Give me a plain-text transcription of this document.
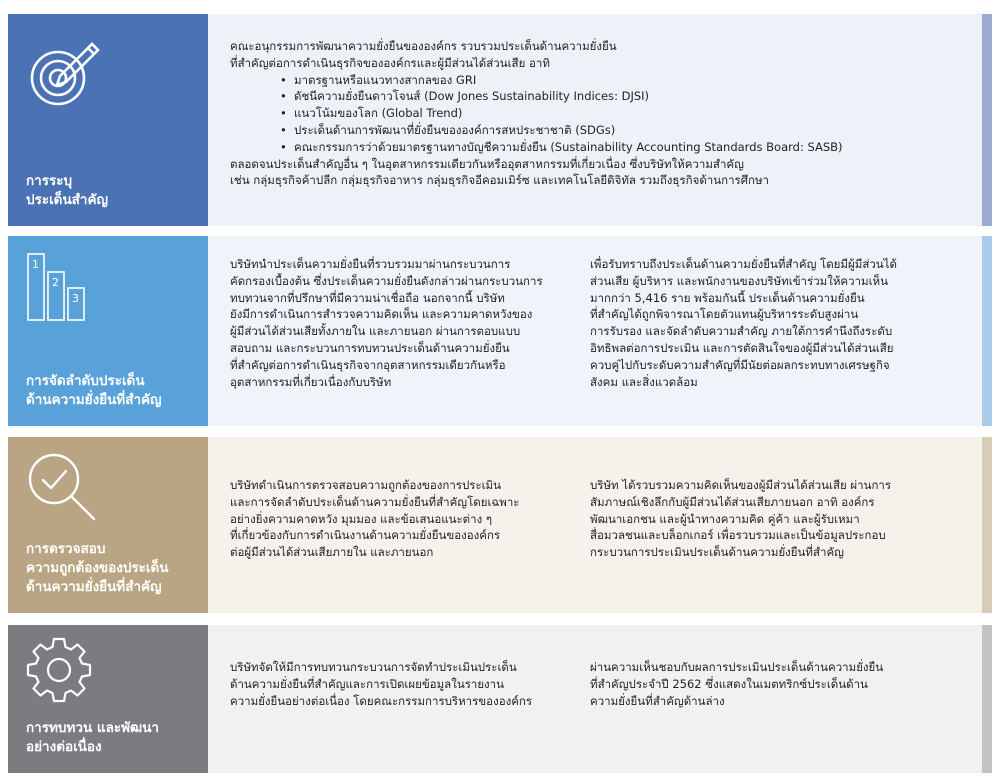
การระบุ
ประเด็นสำคัญ

คณะอนุกรรมการพัฒนาความยั่งยืนขององค์กร รวบรวมประเด็นด้านความยั่งยืน

ที่สำคัญต่อการดำเนินธุรกิจขององค์กรและผู้มีส่วนได้ส่วนเสีย อาทิ

• มาตรฐานหรือแนวทางสากลของ GRI
• ดัชนีความยั่งยืนดาวโจนส์ (Dow Jones Sustainability Indices: DJSI)
• แนวโน้มของโลก (Global Trend)
• ประเด็นด้านการพัฒนาที่ยั่งยืนขององค์การสหประชาชาติ (SDGs)
• คณะกรรมการว่าด้วยมาตรฐานทางบัญชีความยั่งยืน (Sustainability Accounting Standards Board: SASB)

ตลอดจนประเด็นสำคัญอื่น ๆ ในอุตสาหกรรมเดียวกันหรืออุตสาหกรรมที่เกี่ยวเนื่อง ซึ่งบริษัทให้ความสำคัญ

เช่น กลุ่มธุรกิจค้าปลีก กลุ่มธุรกิจอาหาร กลุ่มธุรกิจอีคอมเมิร์ซ และเทคโนโลยีดิจิทัล รวมถึงธุรกิจด้านการศึกษา

1
2
3
การจัดลำดับประเด็น
ด้านความยั่งยืนที่สำคัญ

บริษัทนำประเด็นความยั่งยืนที่รวบรวมมาผ่านกระบวนการ

คัดกรองเบื้องต้น ซึ่งประเด็นความยั่งยืนดังกล่าวผ่านกระบวนการ

ทบทวนจากที่ปรึกษาที่มีความน่าเชื่อถือ นอกจากนี้ บริษัท

ยังมีการดำเนินการสำรวจความคิดเห็น และความคาดหวังของ

ผู้มีส่วนได้ส่วนเสียทั้งภายใน และภายนอก ผ่านการตอบแบบ

สอบถาม และกระบวนการทบทวนประเด็นด้านความยั่งยืน

ที่สำคัญต่อการดำเนินธุรกิจจากอุตสาหกรรมเดียวกันหรือ

อุตสาหกรรมที่เกี่ยวเนื่องกับบริษัท

เพื่อรับทราบถึงประเด็นด้านความยั่งยืนที่สำคัญ โดยมีผู้มีส่วนได้

ส่วนเสีย ผู้บริหาร และพนักงานของบริษัทเข้าร่วมให้ความเห็น

มากกว่า 5,416 ราย พร้อมกันนี้ ประเด็นด้านความยั่งยืน

ที่สำคัญได้ถูกพิจารณาโดยตัวแทนผู้บริหารระดับสูงผ่าน

การรับรอง และจัดลำดับความสำคัญ ภายใต้การคำนึงถึงระดับ

อิทธิพลต่อการประเมิน และการตัดสินใจของผู้มีส่วนได้ส่วนเสีย

ควบคู่ไปกับระดับความสำคัญที่มีนัยต่อผลกระทบทางเศรษฐกิจ

สังคม และสิ่งแวดล้อม

การตรวจสอบ
ความถูกต้องของประเด็น
ด้านความยั่งยืนที่สำคัญ

บริษัทดำเนินการตรวจสอบความถูกต้องของการประเมิน

และการจัดลำดับประเด็นด้านความยั่งยืนที่สำคัญโดยเฉพาะ

อย่างยิ่งความคาดหวัง มุมมอง และข้อเสนอแนะต่าง ๆ

ที่เกี่ยวข้องกับการดำเนินงานด้านความยั่งยืนขององค์กร

ต่อผู้มีส่วนได้ส่วนเสียภายใน และภายนอก

บริษัท ได้รวบรวมความคิดเห็นของผู้มีส่วนได้ส่วนเสีย ผ่านการ

สัมภาษณ์เชิงลึกกับผู้มีส่วนได้ส่วนเสียภายนอก อาทิ องค์กร

พัฒนาเอกชน และผู้นำทางความคิด คู่ค้า และผู้รับเหมา

สื่อมวลชนและบล็อกเกอร์ เพื่อรวบรวมและเป็นข้อมูลประกอบ

กระบวนการประเมินประเด็นด้านความยั่งยืนที่สำคัญ

การทบทวน และพัฒนา
อย่างต่อเนื่อง

บริษัทจัดให้มีการทบทวนกระบวนการจัดทำประเมินประเด็น

ด้านความยั่งยืนที่สำคัญและการเปิดเผยข้อมูลในรายงาน

ความยั่งยืนอย่างต่อเนื่อง โดยคณะกรรมการบริหารขององค์กร

ผ่านความเห็นชอบกับผลการประเมินประเด็นด้านความยั่งยืน

ที่สำคัญประจำปี 2562 ซึ่งแสดงในเมตทริกซ์ประเด็นด้าน

ความยั่งยืนที่สำคัญด้านล่าง
